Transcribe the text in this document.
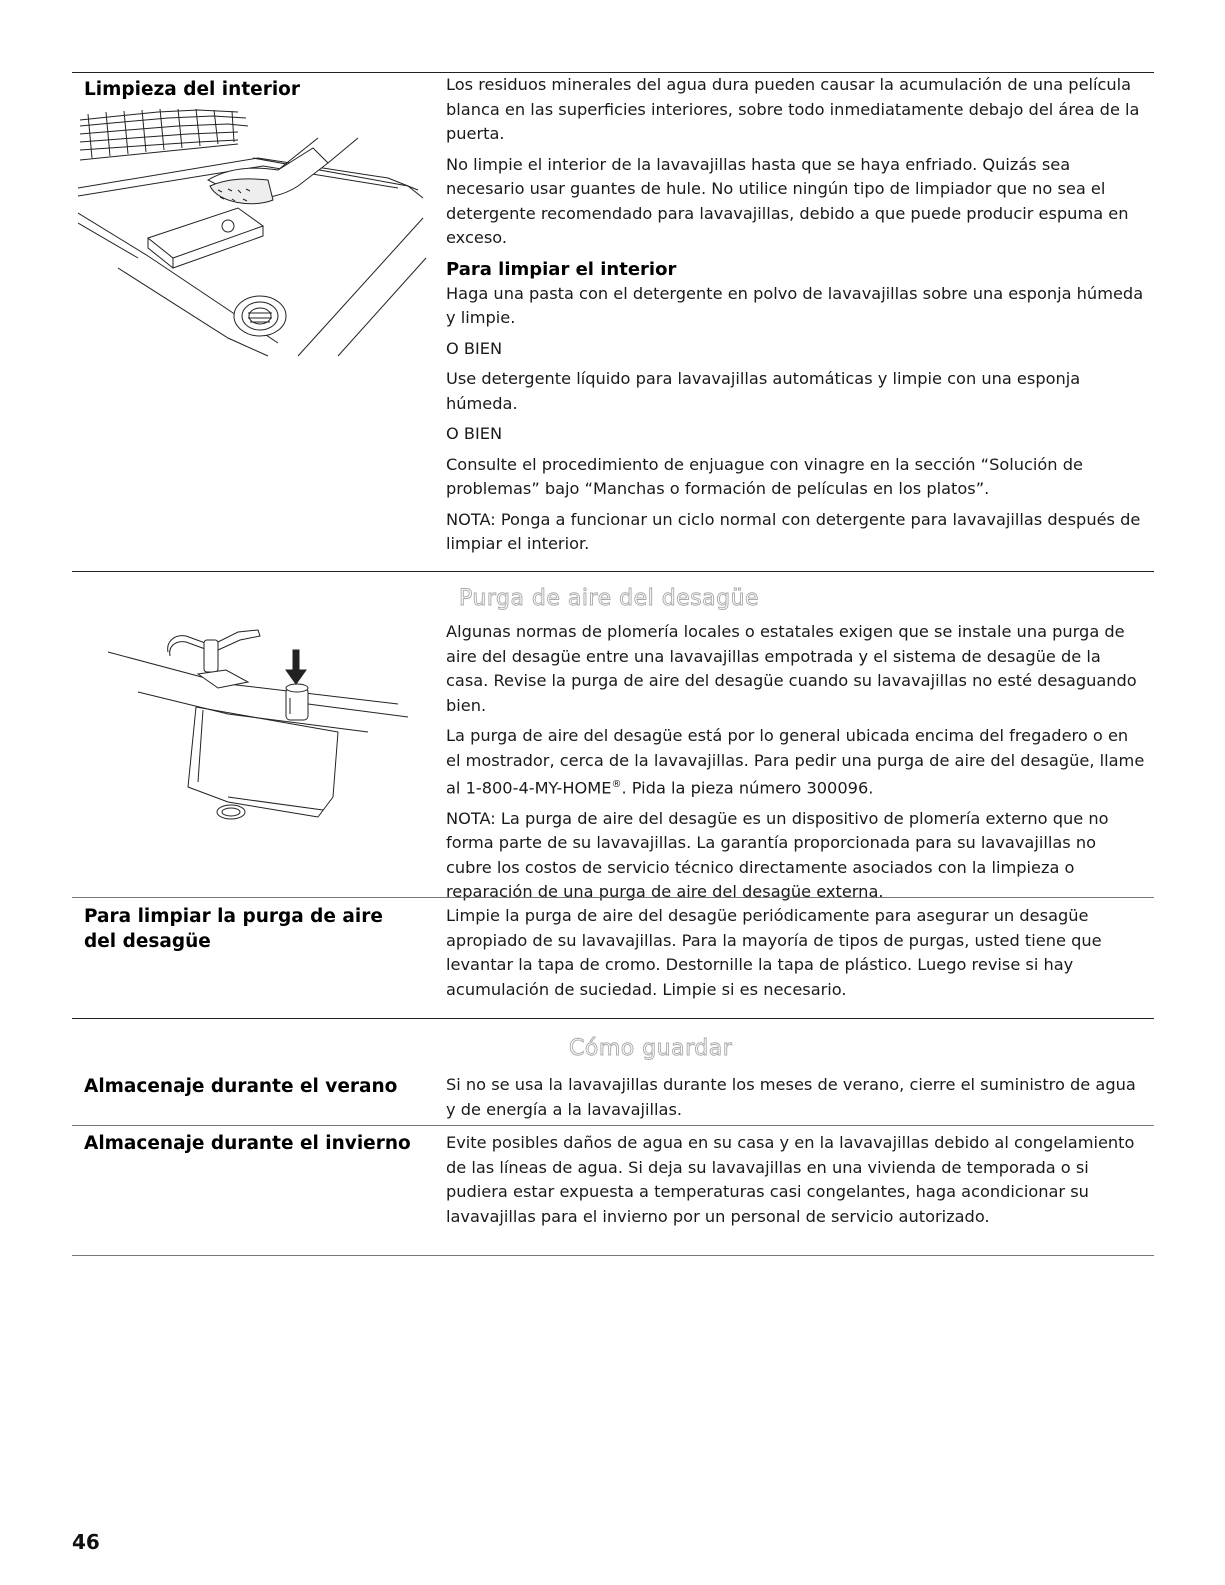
Limpieza del interior	Los residuos minerales del agua dura pueden causar la acumulación de una película blanca en las superficies interiores, sobre todo inmediatamente debajo del área de la puerta.

No limpie el interior de la lavavajillas hasta que se haya enfriado. Quizás sea necesario usar guantes de hule. No utilice ningún tipo de limpiador que no sea el detergente recomendado para lavavajillas, debido a que puede producir espuma en exceso.

Para limpiar el interior

Haga una pasta con el detergente en polvo de lavavajillas sobre una esponja húmeda y limpie.

O BIEN

Use detergente líquido para lavavajillas automáticas y limpie con una esponja húmeda.

O BIEN

Consulte el procedimiento de enjuague con vinagre en la sección “Solución de problemas” bajo “Manchas o formación de películas en los platos”.

NOTA: Ponga a funcionar un ciclo normal con detergente para lavavajillas después de limpiar el interior.

Purga de aire del desagüe

Algunas normas de plomería locales o estatales exigen que se instale una purga de aire del desagüe entre una lavavajillas empotrada y el sistema de desagüe de la casa. Revise la purga de aire del desagüe cuando su lavavajillas no esté desaguando bien.

La purga de aire del desagüe está por lo general ubicada encima del fregadero o en el mostrador, cerca de la lavavajillas. Para pedir una purga de aire del desagüe, llame al 1-800-4-MY-HOME®. Pida la pieza número 300096.

NOTA: La purga de aire del desagüe es un dispositivo de plomería externo que no forma parte de su lavavajillas. La garantía proporcionada para su lavavajillas no cubre los costos de servicio técnico directamente asociados con la limpieza o reparación de una purga de aire del desagüe externa.

Para limpiar la purga de aire del desagüe

Limpie la purga de aire del desagüe periódicamente para asegurar un desagüe apropiado de su lavavajillas. Para la mayoría de tipos de purgas, usted tiene que levantar la tapa de cromo. Destornille la tapa de plástico. Luego revise si hay acumulación de suciedad. Limpie si es necesario.

Cómo guardar
Almacenaje durante el verano	Si no se usa la lavavajillas durante los meses de verano, cierre el suministro de agua y de energía a la lavavajillas.

Almacenaje durante el invierno Evite posibles daños de agua en su casa y en la lavavajillas debido al congelamiento de las líneas de agua. Si deja su lavavajillas en una vivienda de temporada o si pudiera estar expuesta a temperaturas casi congelantes, haga acondicionar su lavavajillas para el invierno por un personal de servicio autorizado.

46
